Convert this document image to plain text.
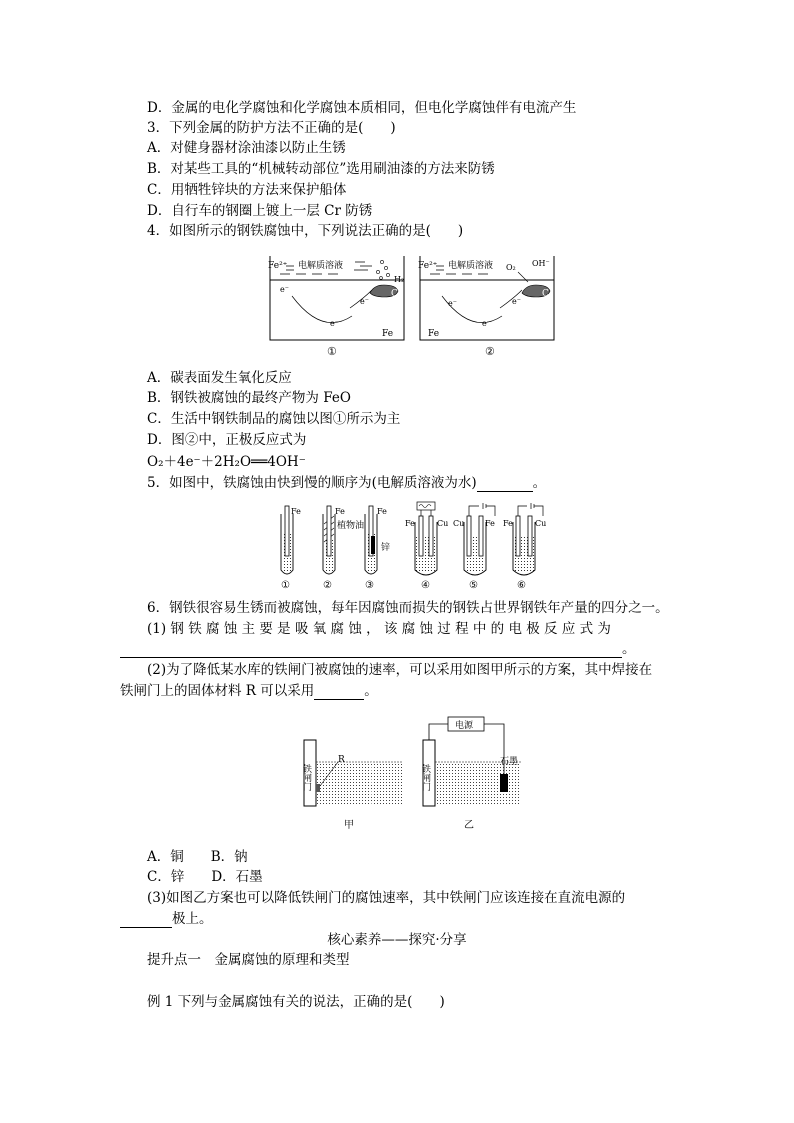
D．金属的电化学腐蚀和化学腐蚀本质相同，但电化学腐蚀伴有电流产生
3．下列金属的防护方法不正确的是(　　)
A．对健身器材涂油漆以防止生锈
B．对某些工具的“机械转动部位”选用刷油漆的方法来防锈
C．用牺牲锌块的方法来保护船体
D．自行车的钢圈上镀上一层 Cr 防锈
4．如图所示的钢铁腐蚀中，下列说法正确的是(　　)
Fe²⁺ 电解质溶液
H₂
C
e⁻
e⁻
e⁻
Fe
①
Fe²⁺ 电解质溶液 O₂ OH⁻
C
e⁻
e⁻
e⁻
Fe
②
A．碳表面发生氧化反应
B．钢铁被腐蚀的最终产物为 FeO
C．生活中钢铁制品的腐蚀以图①所示为主
D．图②中，正极反应式为
O₂＋4e⁻＋2H₂O══4OH⁻
5．如图中，铁腐蚀由快到慢的顺序为(电解质溶液为水)	。
Fe
①
Fe
植物油
②
Fe
锌
③
Fe	Cu
④
Cu	Fe
⑤
Fe	Cu
⑥
6．钢铁很容易生锈而被腐蚀，每年因腐蚀而损失的钢铁占世界钢铁年产量的四分之一。
(1) 钢 铁 腐 蚀 主 要 是 吸 氧 腐 蚀 ， 该 腐 蚀 过 程 中 的 电 极 反 应 式 为
。
(2)为了降低某水库的铁闸门被腐蚀的速率，可以采用如图甲所示的方案，其中焊接在
铁闸门上的固体材料 R 可以采用	。
铁闸门
R
甲
铁闸门
电源
石墨
乙
A．铜　　B．钠
C．锌　　D．石墨
(3)如图乙方案也可以降低铁闸门的腐蚀速率，其中铁闸门应该连接在直流电源的
极上。
核心素养——探究·分享
提升点一　金属腐蚀的原理和类型
例 1 下列与金属腐蚀有关的说法，正确的是(　　)
